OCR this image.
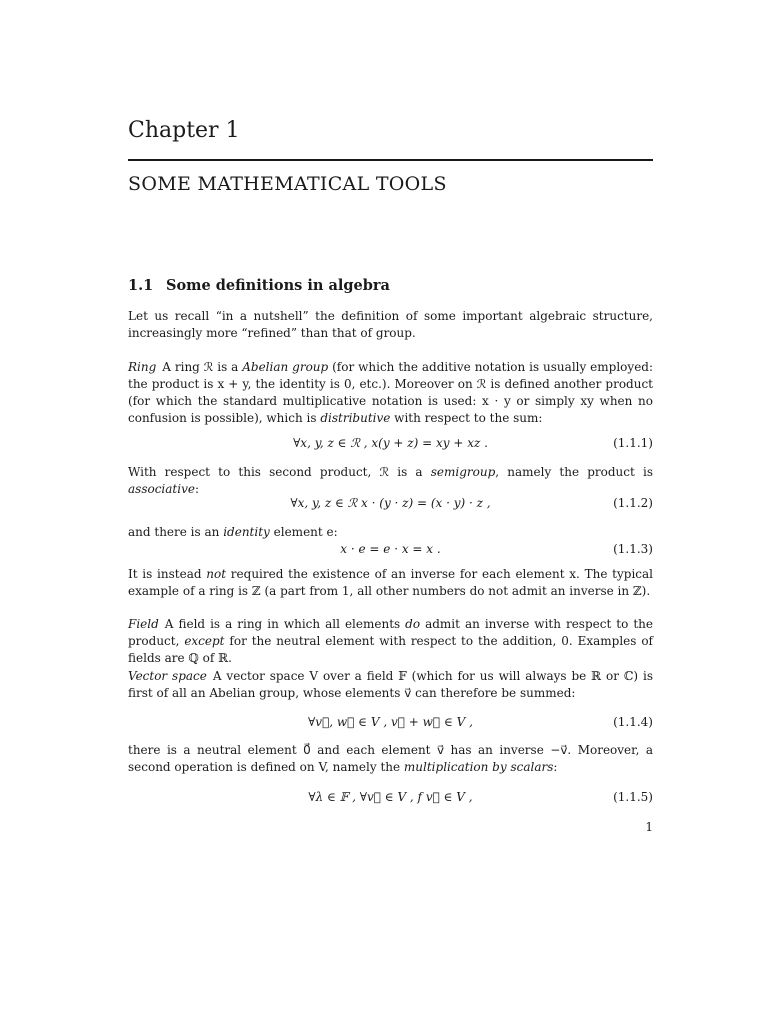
Chapter 1
SOME MATHEMATICAL TOOLS
1.1 Some definitions in algebra
Let us recall “in a nutshell” the definition of some important algebraic structure, increasingly more “refined” than that of group.
Ring A ring ℛ is a Abelian group (for which the additive notation is usually employed: the product is x + y, the identity is 0, etc.). Moreover on ℛ is defined another product (for which the standard multiplicative notation is used: x · y or simply xy when no confusion is possible), which is distributive with respect to the sum:
∀x, y, z ∈ ℛ , x(y + z) = xy + xz .	(1.1.1)
With respect to this second product, ℛ is a semigroup, namely the product is associative:
∀x, y, z ∈ ℛ x · (y · z) = (x · y) · z ,	(1.1.2)
and there is an identity element e:
x · e = e · x = x .	(1.1.3)
It is instead not required the existence of an inverse for each element x. The typical example of a ring is ℤ (a part from 1, all other numbers do not admit an inverse in ℤ).
Field A field is a ring in which all elements do admit an inverse with respect to the product, except for the neutral element with respect to the addition, 0. Examples of fields are ℚ of ℝ.
Vector space A vector space V over a field 𝔽 (which for us will always be ℝ or ℂ) is first of all an Abelian group, whose elements v⃗ can therefore be summed:
∀v⃗, w⃗ ∈ V , v⃗ + w⃗ ∈ V ,	(1.1.4)
there is a neutral element 0⃗ and each element v⃗ has an inverse −v⃗. Moreover, a second operation is defined on V, namely the multiplication by scalars:
∀λ ∈ 𝔽 , ∀v⃗ ∈ V , f v⃗ ∈ V ,	(1.1.5)
1
